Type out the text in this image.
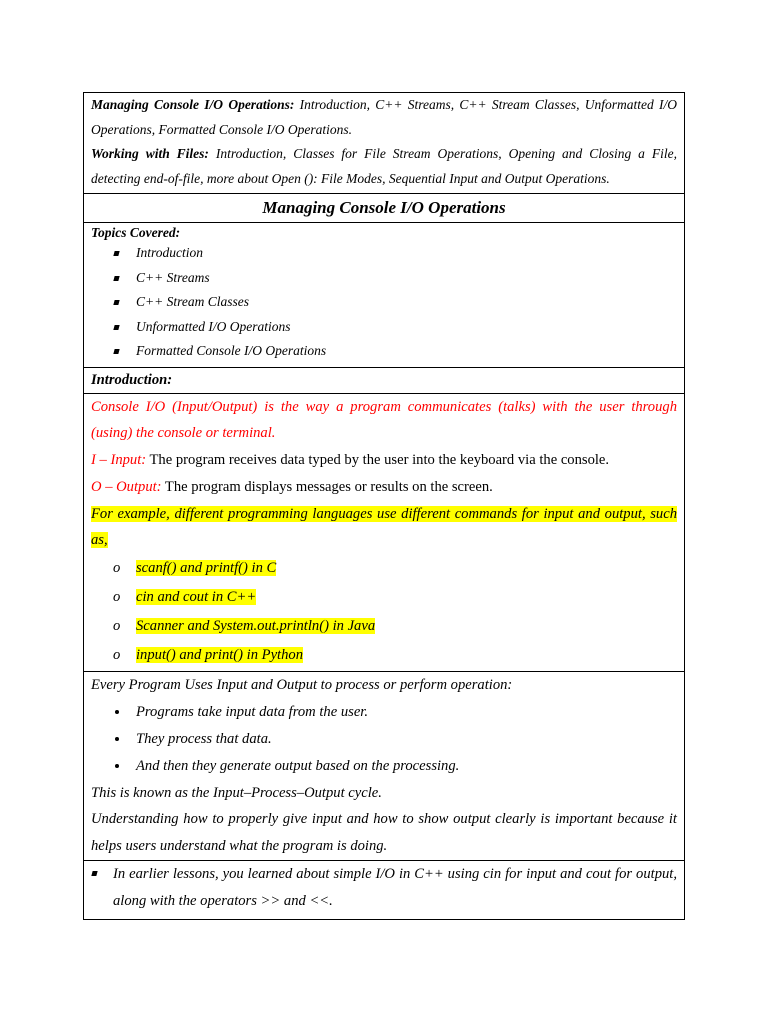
Managing Console I/O Operations: Introduction, C++ Streams, C++ Stream Classes, Unformatted I/O Operations, Formatted Console I/O Operations.

Working with Files: Introduction, Classes for File Stream Operations, Opening and Closing a File, detecting end-of-file, more about Open (): File Modes, Sequential Input and Output Operations.

Managing Console I/O Operations

Topics Covered:

Introduction
C++ Streams
C++ Stream Classes
Unformatted I/O Operations
Formatted Console I/O Operations

Introduction:

Console I/O (Input/Output) is the way a program communicates (talks) with the user through (using) the console or terminal.

I – Input: The program receives data typed by the user into the keyboard via the console.

O – Output: The program displays messages or results on the screen.

For example, different programming languages use different commands for input and output, such as,

o scanf() and printf() in C
o cin and cout in C++
o Scanner and System.out.println() in Java
o input() and print() in Python

Every Program Uses Input and Output to process or perform operation:

Programs take input data from the user.
They process that data.
And then they generate output based on the processing.

This is known as the Input–Process–Output cycle.

Understanding how to properly give input and how to show output clearly is important because it helps users understand what the program is doing.

In earlier lessons, you learned about simple I/O in C++ using cin for input and cout for output, along with the operators >> and <<.
